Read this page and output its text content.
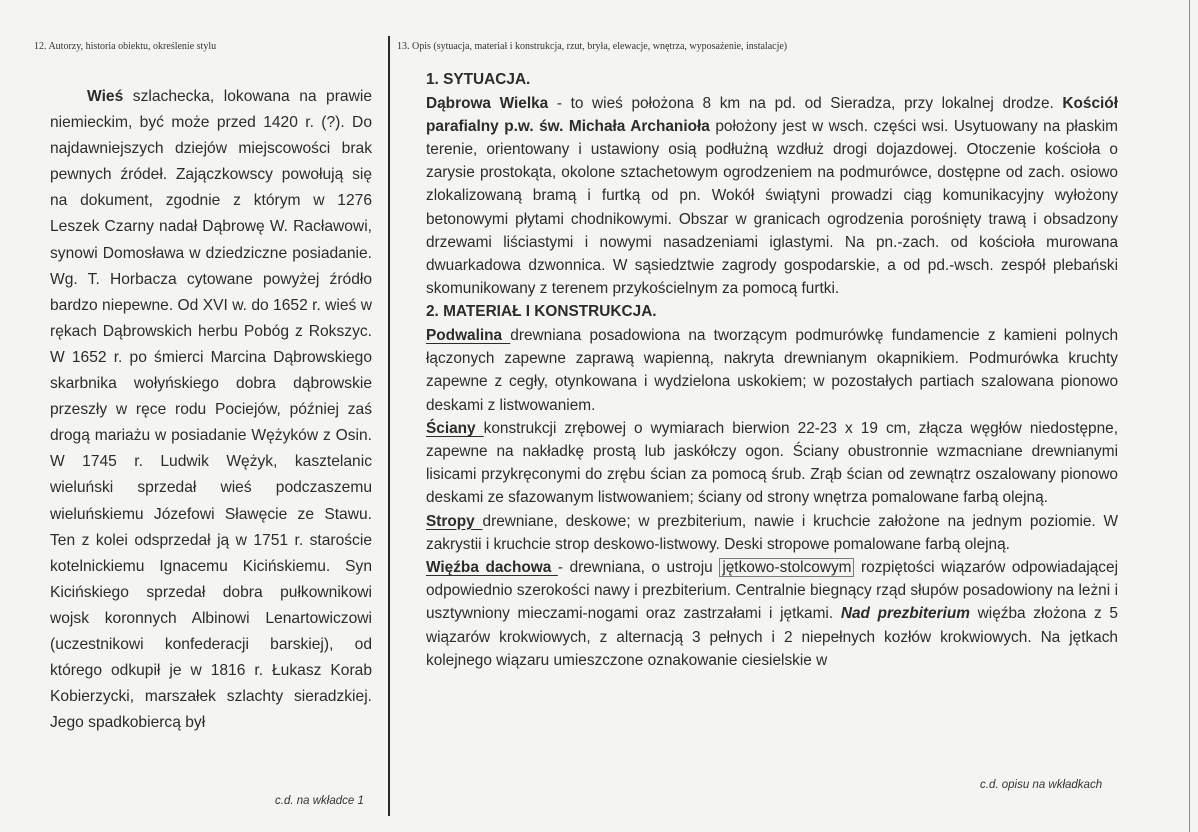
12. Autorzy, historia obiektu, określenie stylu	13. Opis (sytuacja, materiał i konstrukcja, rzut, bryła, elewacje, wnętrza, wyposażenie, instalacje)

Wieś szlachecka, lokowana na prawie niemieckim, być może przed 1420 r. (?). Do najdawniejszych dziejów miejscowości brak pewnych źródeł. Zajączkowscy powołują się na dokument, zgodnie z którym w 1276 Leszek Czarny nadał Dąbrowę W. Racławowi, synowi Domosława w dziedziczne posiadanie. Wg. T. Horbacza cytowane powyżej źródło bardzo niepewne. Od XVI w. do 1652 r. wieś w rękach Dąbrowskich herbu Pobóg z Rokszyc. W 1652 r. po śmierci Marcina Dąbrowskiego skarbnika wołyńskiego dobra dąbrowskie przeszły w ręce rodu Pociejów, później zaś drogą mariażu w posiadanie Wężyków z Osin. W 1745 r. Ludwik Wężyk, kasztelanic wieluński sprzedał wieś podczaszemu wieluńskiemu Józefowi Sławęcie ze Stawu. Ten z kolei odsprzedał ją w 1751 r. staroście kotelnickiemu Ignacemu Kicińskiemu. Syn Kicińskiego sprzedał dobra pułkownikowi wojsk koronnych Albinowi Lenartowiczowi (uczestnikowi konfederacji barskiej), od którego odkupił je w 1816 r. Łukasz Korab Kobierzycki, marszałek szlachty sieradzkiej. Jego spadkobiercą był

c.d. na wkładce 1
1. SYTUACJA.

Dąbrowa Wielka - to wieś położona 8 km na pd. od Sieradza, przy lokalnej drodze. Kościół parafialny p.w. św. Michała Archanioła położony jest w wsch. części wsi. Usytuowany na płaskim terenie, orientowany i ustawiony osią podłużną wzdłuż drogi dojazdowej. Otoczenie kościoła o zarysie prostokąta, okolone sztachetowym ogrodzeniem na podmurówce, dostępne od zach. osiowo zlokalizowaną bramą i furtką od pn. Wokół świątyni prowadzi ciąg komunikacyjny wyłożony betonowymi płytami chodnikowymi. Obszar w granicach ogrodzenia porośnięty trawą i obsadzony drzewami liściastymi i nowymi nasadzeniami iglastymi. Na pn.-zach. od kościoła murowana dwuarkadowa dzwonnica. W sąsiedztwie zagrody gospodarskie, a od pd.-wsch. zespół plebański skomunikowany z terenem przykościelnym za pomocą furtki.

2. MATERIAŁ I KONSTRUKCJA.

Podwalina drewniana posadowiona na tworzącym podmurówkę fundamencie z kamieni polnych łączonych zapewne zaprawą wapienną, nakryta drewnianym okapnikiem. Podmurówka kruchty zapewne z cegły, otynkowana i wydzielona uskokiem; w pozostałych partiach szalowana pionowo deskami z listwowaniem.

Ściany konstrukcji zrębowej o wymiarach bierwion 22-23 x 19 cm, złącza węgłów niedostępne, zapewne na nakładkę prostą lub jaskółczy ogon. Ściany obustronnie wzmacniane drewnianymi lisicami przykręconymi do zrębu ścian za pomocą śrub. Zrąb ścian od zewnątrz oszalowany pionowo deskami ze sfazowanym listwowaniem; ściany od strony wnętrza pomalowane farbą olejną.

Stropy drewniane, deskowe; w prezbiterium, nawie i kruchcie założone na jednym poziomie. W zakrystii i kruchcie strop deskowo-listwowy. Deski stropowe pomalowane farbą olejną.

Więźba dachowa - drewniana, o ustroju jętkowo-stolcowym rozpiętości wiązarów odpowiadającej odpowiednio szerokości nawy i prezbiterium. Centralnie biegnący rząd słupów posadowiony na leżni i usztywniony mieczami-nogami oraz zastrzałami i jętkami. Nad prezbiterium więźba złożona z 5 wiązarów krokwiowych, z alternacją 3 pełnych i 2 niepełnych kozłów krokwiowych. Na jętkach kolejnego wiązaru umieszczone oznakowanie ciesielskie w

c.d. opisu na wkładkach
